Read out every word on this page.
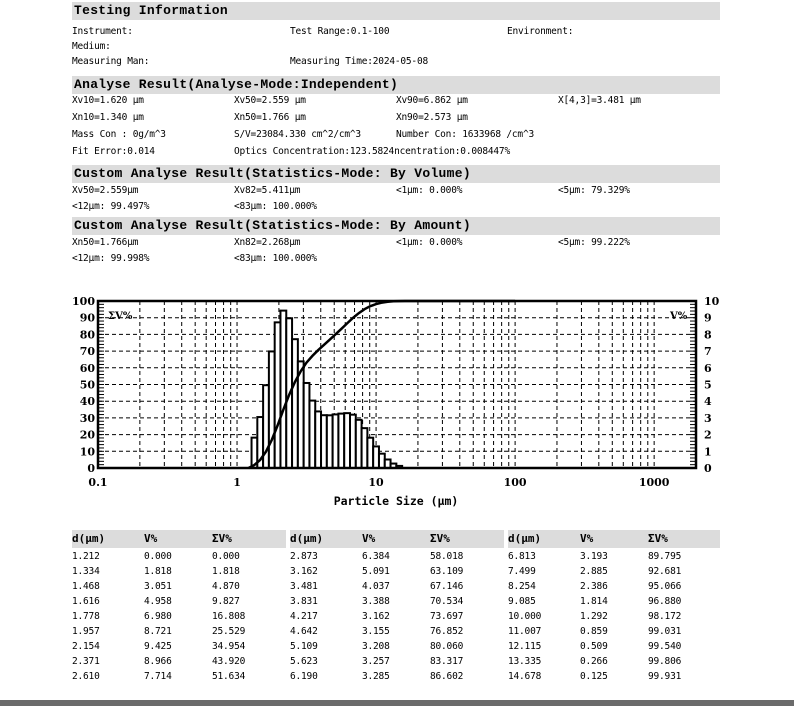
Testing Information
Instrument:	Test Range:0.1-100	Environment:
Medium:
Measuring Man:	Measuring Time:2024-05-08
Analyse Result(Analyse-Mode:Independent)
Xv10=1.620 μm	Xv50=2.559 μm	Xv90=6.862 μm	X[4,3]=3.481 μm
Xn10=1.340 μm	Xn50=1.766 μm	Xn90=2.573 μm
Mass Con : 0g/m^3	S/V=23084.330 cm^2/cm^3	Number Con: 1633968 /cm^3
Fit Error:0.014	Optics Concentration:123.5824ncentration:0.008447%
Custom Analyse Result(Statistics-Mode: By Volume)
Xv50=2.559μm	Xv82=5.411μm	<1μm: 0.000%	<5μm: 79.329%
<12μm: 99.497%	<83μm: 100.000%
Custom Analyse Result(Statistics-Mode: By Amount)
Xn50=1.766μm	Xn82=2.268μm	<1μm: 0.000%	<5μm: 99.222%
<12μm: 99.998%	<83μm: 100.000%
0
10
20
30
40
50
60
70
80
90
100
0
1
2
3
4
5
6
7
8
9
10
0.1	1	10	100	1000
ΣV%	V%
Particle Size (μm)
d(μm)	V%	ΣV%
1.212	0.000	0.000
1.334	1.818	1.818
1.468	3.051	4.870
1.616	4.958	9.827
1.778	6.980	16.808
1.957	8.721	25.529
2.154	9.425	34.954
2.371	8.966	43.920
2.610	7.714	51.634
d(μm)	V%	ΣV%
2.873	6.384	58.018
3.162	5.091	63.109
3.481	4.037	67.146
3.831	3.388	70.534
4.217	3.162	73.697
4.642	3.155	76.852
5.109	3.208	80.060
5.623	3.257	83.317
6.190	3.285	86.602
d(μm)	V%	ΣV%
6.813	3.193	89.795
7.499	2.885	92.681
8.254	2.386	95.066
9.085	1.814	96.880
10.000	1.292	98.172
11.007	0.859	99.031
12.115	0.509	99.540
13.335	0.266	99.806
14.678	0.125	99.931
